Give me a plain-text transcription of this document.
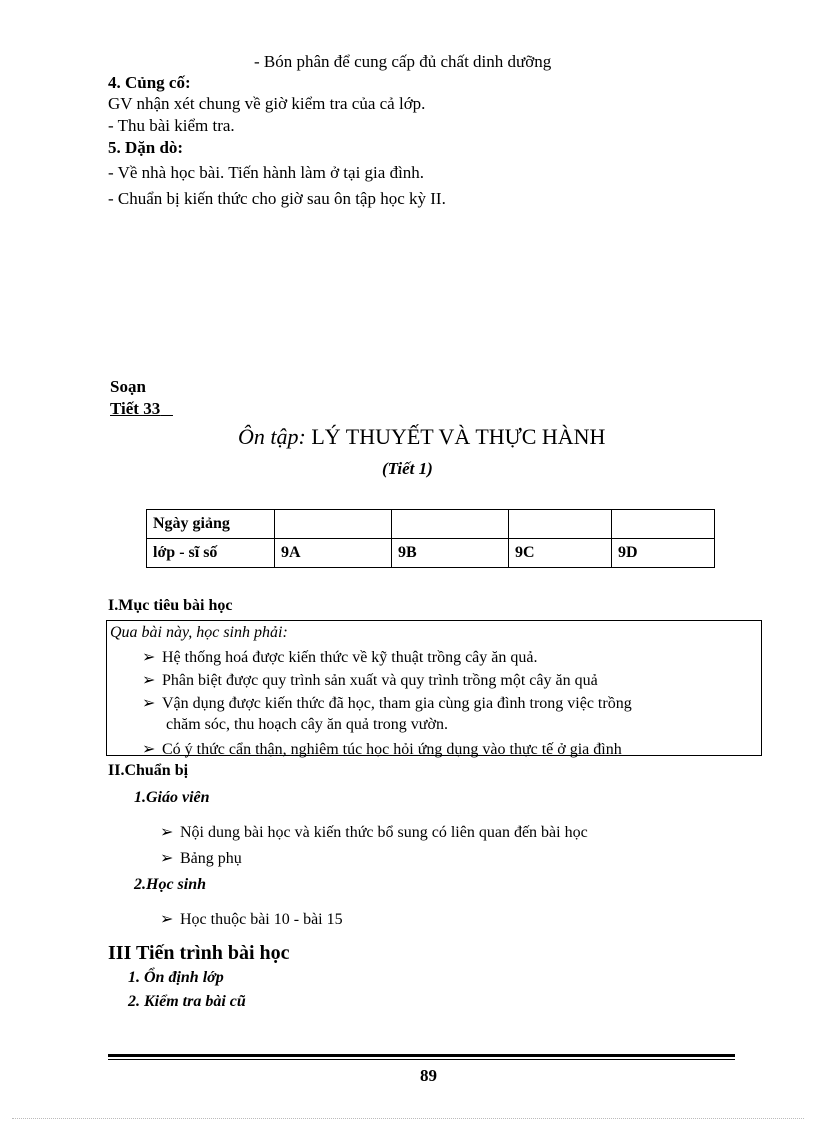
- Bón phân để cung cấp đủ chất dinh dưỡng
4. Củng cố:
GV nhận xét chung về giờ kiểm tra của cả lớp.
- Thu bài kiểm tra.
5. Dặn dò:
- Về nhà học bài. Tiến hành làm ở tại gia đình.
- Chuẩn bị kiến thức cho giờ sau ôn tập học kỳ II.
Soạn
Tiết 33
Ôn tập: LÝ THUYẾT VÀ THỰC HÀNH
(Tiết 1)
Ngày giảng				
lớp - sĩ số	9A	9B	9C	9D
I.Mục tiêu bài học
Qua bài này, học sinh phải:
➢ Hệ thống hoá được kiến thức về kỹ thuật trồng cây ăn quả.
➢ Phân biệt được quy trình sản xuất và quy trình trồng một cây ăn quả
➢ Vận dụng được kiến thức đã học, tham gia cùng gia đình trong việc trồng
chăm sóc, thu hoạch cây ăn quả trong vườn.
➢ Có ý thức cẩn thận, nghiêm túc học hỏi ứng dụng vào thực tế ở gia đình
II.Chuẩn bị
1.Giáo viên
➢ Nội dung bài học và kiến thức bổ sung có liên quan đến bài học
➢ Bảng phụ
2.Học sinh
➢ Học thuộc bài 10 - bài 15
III Tiến trình bài học
1. Ổn định lớp
2. Kiểm tra bài cũ
89
